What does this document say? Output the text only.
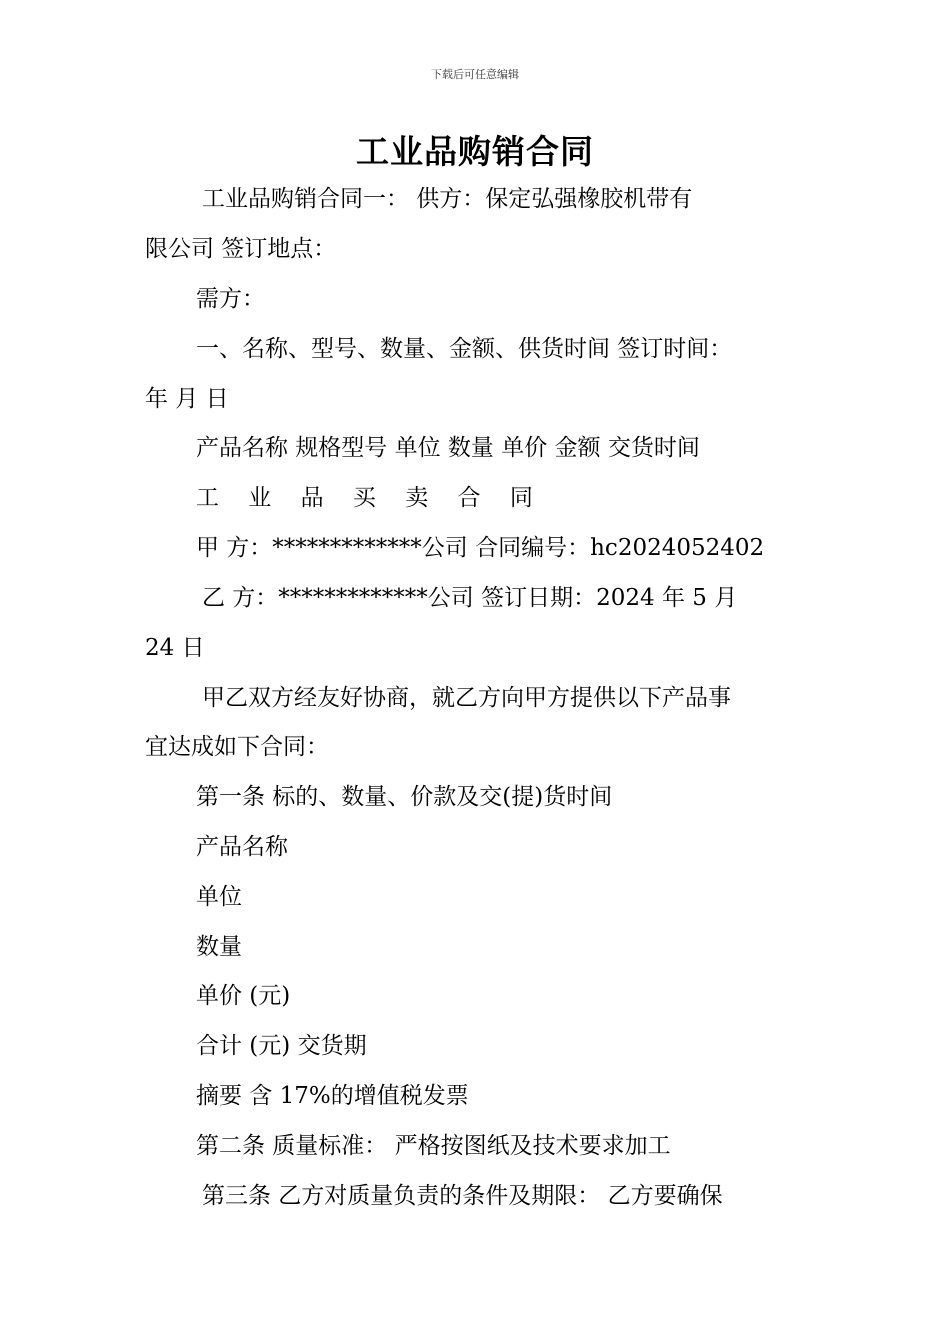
下载后可任意编辑
工业品购销合同
工业品购销合同一： 供方：保定弘强橡胶机带有
限公司 签订地点：
需方：
一、名称、型号、数量、金额、供货时间 签订时间：
年 月 日
产品名称 规格型号 单位 数量 单价 金额 交货时间
工 业 品 买 卖 合 同
甲 方：*************公司 合同编号：hc2024052402
乙 方：*************公司 签订日期：2024 年 5 月
24 日
甲乙双方经友好协商，就乙方向甲方提供以下产品事
宜达成如下合同：
第一条 标的、数量、价款及交(提)货时间
产品名称
单位
数量
单价 (元)
合计 (元) 交货期
摘要 含 17%的增值税发票
第二条 质量标准： 严格按图纸及技术要求加工
第三条 乙方对质量负责的条件及期限： 乙方要确保
